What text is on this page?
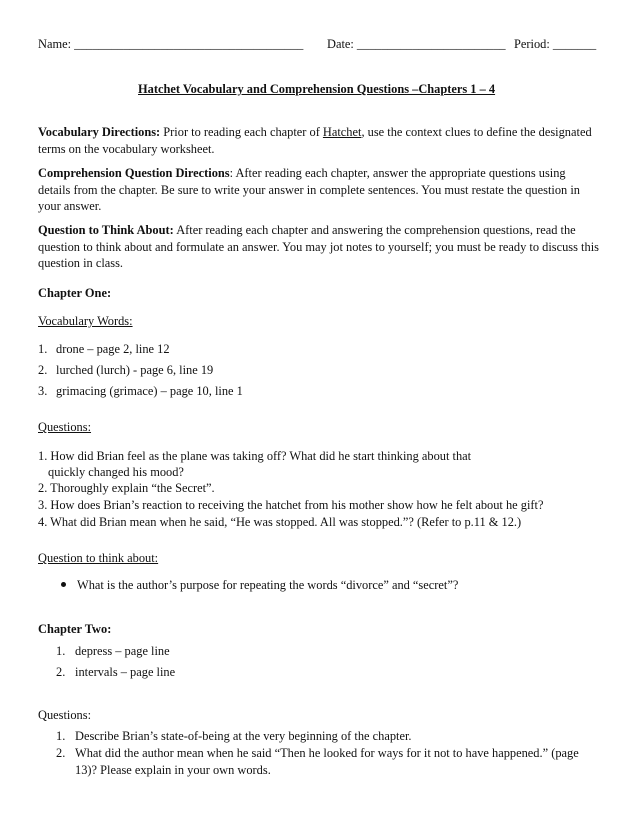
Name: _____________________________________ Date: ________________________ Period: _______
Hatchet Vocabulary and Comprehension Questions –Chapters 1 – 4
Vocabulary Directions: Prior to reading each chapter of Hatchet, use the context clues to define the designated terms on the vocabulary worksheet.
Comprehension Question Directions: After reading each chapter, answer the appropriate questions using details from the chapter. Be sure to write your answer in complete sentences. You must restate the question in your answer.
Question to Think About: After reading each chapter and answering the comprehension questions, read the question to think about and formulate an answer. You may jot notes to yourself; you must be ready to discuss this question in class.
Chapter One:
Vocabulary Words:
1. drone – page 2, line 12
2. lurched (lurch) - page 6, line 19
3. grimacing (grimace) – page 10, line 1
Questions:
1. How did Brian feel as the plane was taking off? What did he start thinking about that
quickly changed his mood?
2. Thoroughly explain “the Secret”.
3. How does Brian’s reaction to receiving the hatchet from his mother show how he felt about he gift?
4. What did Brian mean when he said, “He was stopped. All was stopped.”? (Refer to p.11 & 12.)
Question to think about:
What is the author’s purpose for repeating the words “divorce” and “secret”?
Chapter Two:
1. depress – page line
2. intervals – page line
Questions:
1. Describe Brian’s state-of-being at the very beginning of the chapter.
2. What did the author mean when he said “Then he looked for ways for it not to have happened.” (page
13)? Please explain in your own words.
